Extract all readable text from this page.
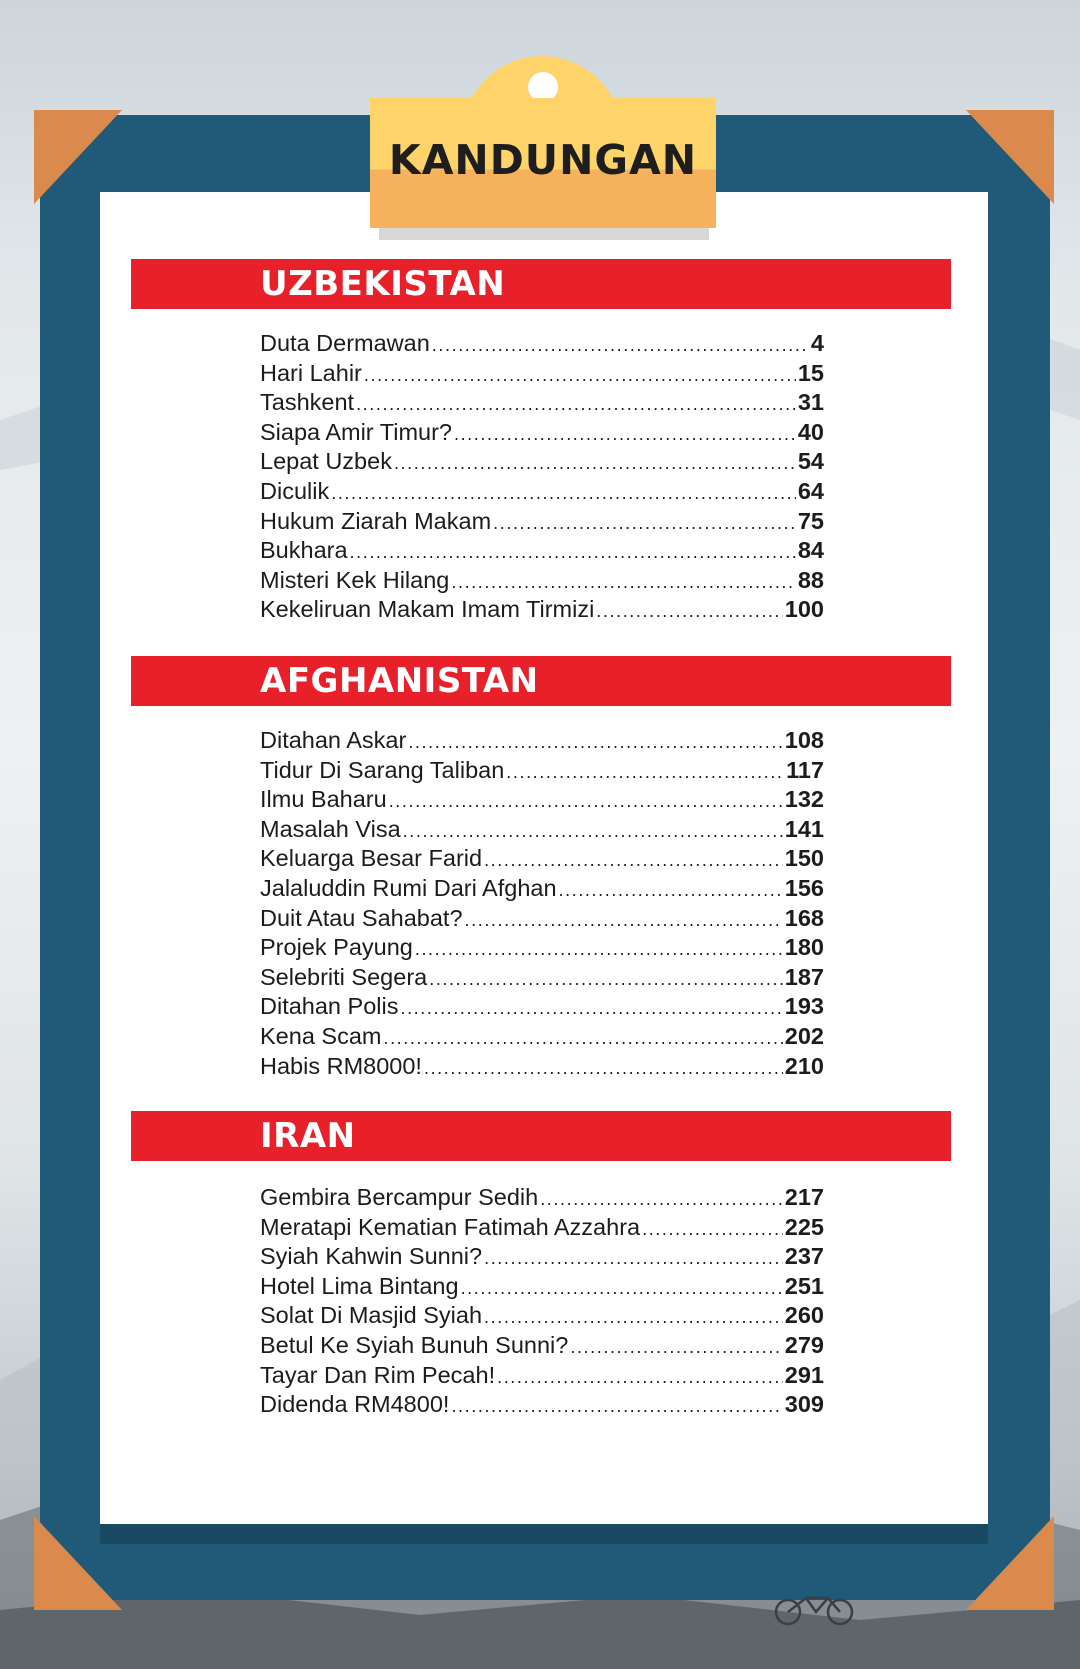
KANDUNGAN
UZBEKISTAN
Duta Dermawan .....	4
Hari Lahir .....	15
Tashkent .....	31
Siapa Amir Timur? .....	40
Lepat Uzbek .....	54
Diculik .....	64
Hukum Ziarah Makam .....	75
Bukhara .....	84
Misteri Kek Hilang .....	88
Kekeliruan Makam Imam Tirmizi .....	100
AFGHANISTAN
Ditahan Askar .....	108
Tidur Di Sarang Taliban .....	117
Ilmu Baharu .....	132
Masalah Visa .....	141
Keluarga Besar Farid .....	150
Jalaluddin Rumi Dari Afghan .....	156
Duit Atau Sahabat? .....	168
Projek Payung .....	180
Selebriti Segera .....	187
Ditahan Polis .....	193
Kena Scam .....	202
Habis RM8000! .....	210
IRAN
Gembira Bercampur Sedih .....	217
Meratapi Kematian Fatimah Azzahra .....	225
Syiah Kahwin Sunni? .....	237
Hotel Lima Bintang .....	251
Solat Di Masjid Syiah .....	260
Betul Ke Syiah Bunuh Sunni? .....	279
Tayar Dan Rim Pecah! .....	291
Didenda RM4800! .....	309
